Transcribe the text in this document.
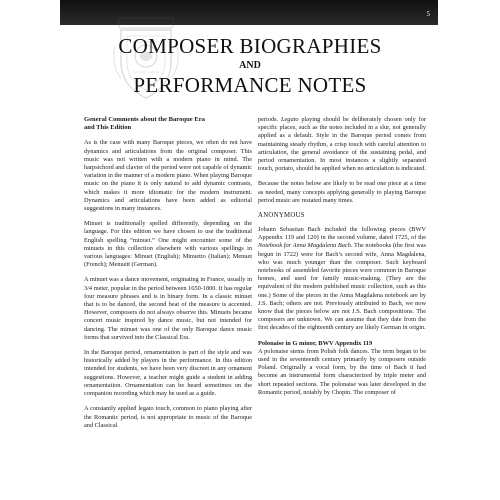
5
COMPOSER BIOGRAPHIES
AND
PERFORMANCE NOTES
General Comments about the Baroque Era
and This Edition

As is the case with many Baroque pieces, we often do not have dynamics and articulations from the original composer. This music was not written with a modern piano in mind. The harpsichord and clavier of the period were not capable of dynamic variation in the manner of a modern piano. When playing Baroque music on the piano it is only natural to add dynamic contrasts, which makes it more idiomatic for the modern instrument. Dynamics and articulations have been added as editorial suggestions in many instances.

Minuet is traditionally spelled differently, depending on the language. For this edition we have chosen to use the traditional English spelling “minuet.” One might encounter some of the minuets in this collection elsewhere with various spellings in various languages: Minuet (English); Minuetto (Italian); Menuet (French); Menuett (German).

A minuet was a dance movement, originating in France, usually in 3/4 meter, popular in the period between 1650-1800. It has regular four measure phrases and is in binary form. In a classic minuet that is to be danced, the second beat of the measure is accented. However, composers do not always observe this. Minuets became concert music inspired by dance music, but not intended for dancing. The minuet was one of the only Baroque dance music forms that survived into the Classical Era.

In the Baroque period, ornamentation is part of the style and was historically added by players in the performance. In this edition intended for students, we have been very discreet in any ornament suggestions. However, a teacher might guide a student in adding ornamentation. Ornamentation can be heard sometimes on the companion recording which may be used as a guide.

A constantly applied legato touch, common to piano playing after the Romantic period, is not appropriate to music of the Baroque and Classical

periods. Legato playing should be deliberately chosen only for specific places, such as the notes included in a slur, not generally applied as a default. Style in the Baroque period comes from maintaining steady rhythm, a crisp touch with careful attention to articulation, the general avoidance of the sustaining pedal, and period ornamentation. In most instances a slightly separated touch, portato, should be applied when no articulation is indicated.

Because the notes below are likely to be read one piece at a time as needed, many concepts applying generally to playing Baroque period music are restated many times.

ANONYMOUS

Johann Sebastian Bach included the following pieces (BWV Appendix 119 and 120) in the second volume, dated 1725, of the Notebook for Anna Magdalena Bach. The notebooks (the first was begun in 1722) were for Bach’s second wife, Anna Magdalena, who was much younger than the composer. Such keyboard notebooks of assembled favorite pieces were common in Baroque homes, and used for family music-making. (They are the equivalent of the modern published music collection, such as this one.) Some of the pieces in the Anna Magdalena notebook are by J.S. Bach; others are not. Previously attributed to Bach, we now know that the pieces below are not J.S. Bach compositions. The composers are unknown. We can assume that they date from the first decades of the eighteenth century are likely German in origin.

Polonaise in G minor, BWV Appendix 119

A polonaise stems from Polish folk dances. The term began to be used in the seventeenth century primarily by composers outside Poland. Originally a vocal form, by the time of Bach it had become an instrumental form characterized by triple meter and short repeated sections. The polonaise was later developed in the Romantic period, notably by Chopin. The composer of
